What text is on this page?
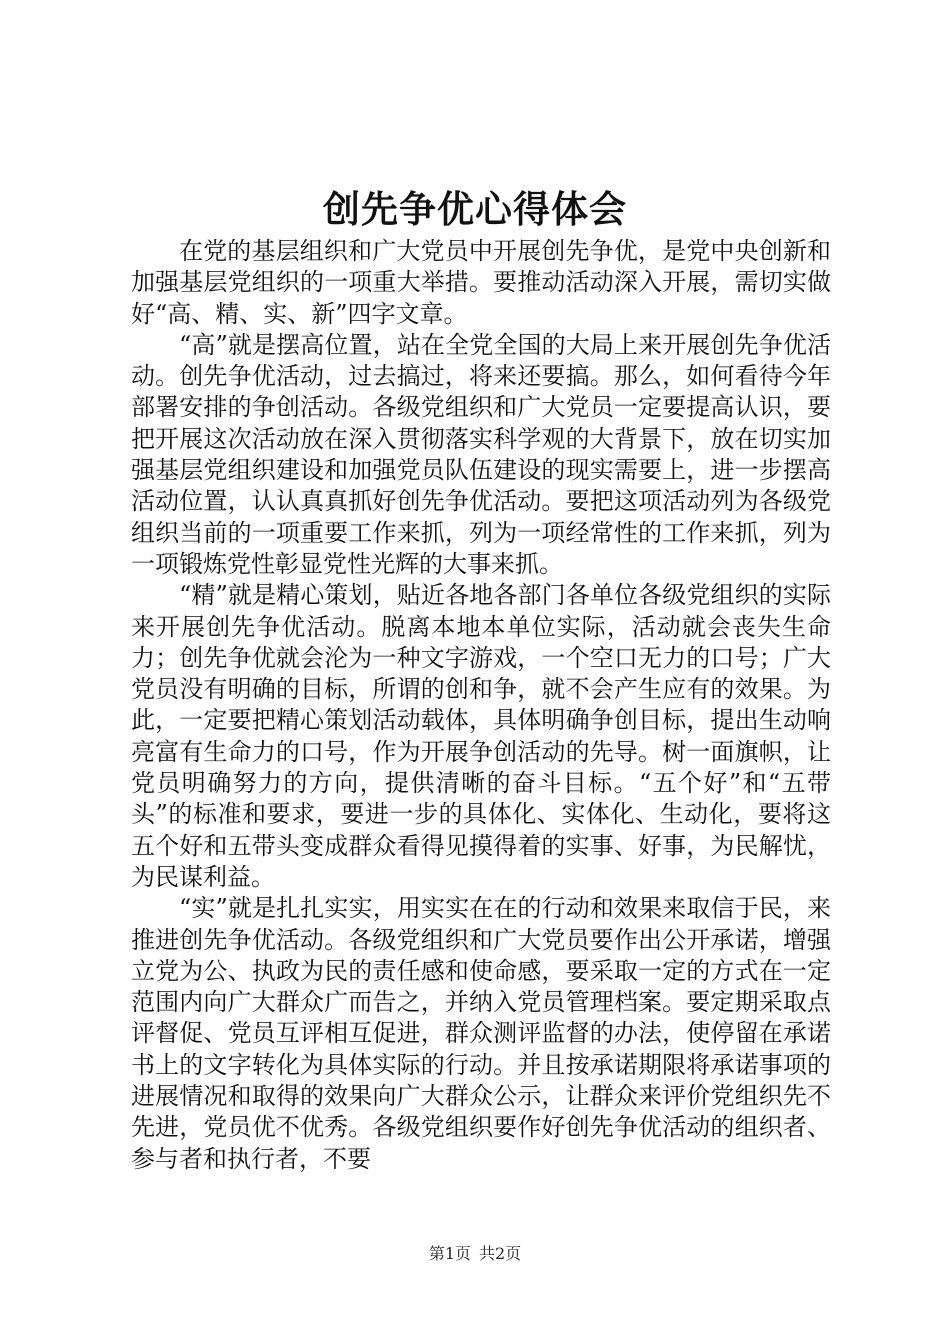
创先争优心得体会

在党的基层组织和广大党员中开展创先争优，是党中央创新和加强基层党组织的一项重大举措。要推动活动深入开展，需切实做好“高、精、实、新”四字文章。

“高”就是摆高位置，站在全党全国的大局上来开展创先争优活动。创先争优活动，过去搞过，将来还要搞。那么，如何看待今年部署安排的争创活动。各级党组织和广大党员一定要提高认识，要把开展这次活动放在深入贯彻落实科学观的大背景下，放在切实加强基层党组织建设和加强党员队伍建设的现实需要上，进一步摆高活动位置，认认真真抓好创先争优活动。要把这项活动列为各级党组织当前的一项重要工作来抓，列为一项经常性的工作来抓，列为一项锻炼党性彰显党性光辉的大事来抓。

“精”就是精心策划，贴近各地各部门各单位各级党组织的实际来开展创先争优活动。脱离本地本单位实际，活动就会丧失生命力；创先争优就会沦为一种文字游戏，一个空口无力的口号；广大党员没有明确的目标，所谓的创和争，就不会产生应有的效果。为此，一定要把精心策划活动载体，具体明确争创目标，提出生动响亮富有生命力的口号，作为开展争创活动的先导。树一面旗帜，让党员明确努力的方向，提供清晰的奋斗目标。“五个好”和“五带头”的标准和要求，要进一步的具体化、实体化、生动化，要将这五个好和五带头变成群众看得见摸得着的实事、好事，为民解忧，为民谋利益。

“实”就是扎扎实实，用实实在在的行动和效果来取信于民，来推进创先争优活动。各级党组织和广大党员要作出公开承诺，增强立党为公、执政为民的责任感和使命感，要采取一定的方式在一定范围内向广大群众广而告之，并纳入党员管理档案。要定期采取点评督促、党员互评相互促进，群众测评监督的办法，使停留在承诺书上的文字转化为具体实际的行动。并且按承诺期限将承诺事项的进展情况和取得的效果向广大群众公示，让群众来评价党组织先不先进，党员优不优秀。各级党组织要作好创先争优活动的组织者、参与者和执行者，不要

第1页 共2页
